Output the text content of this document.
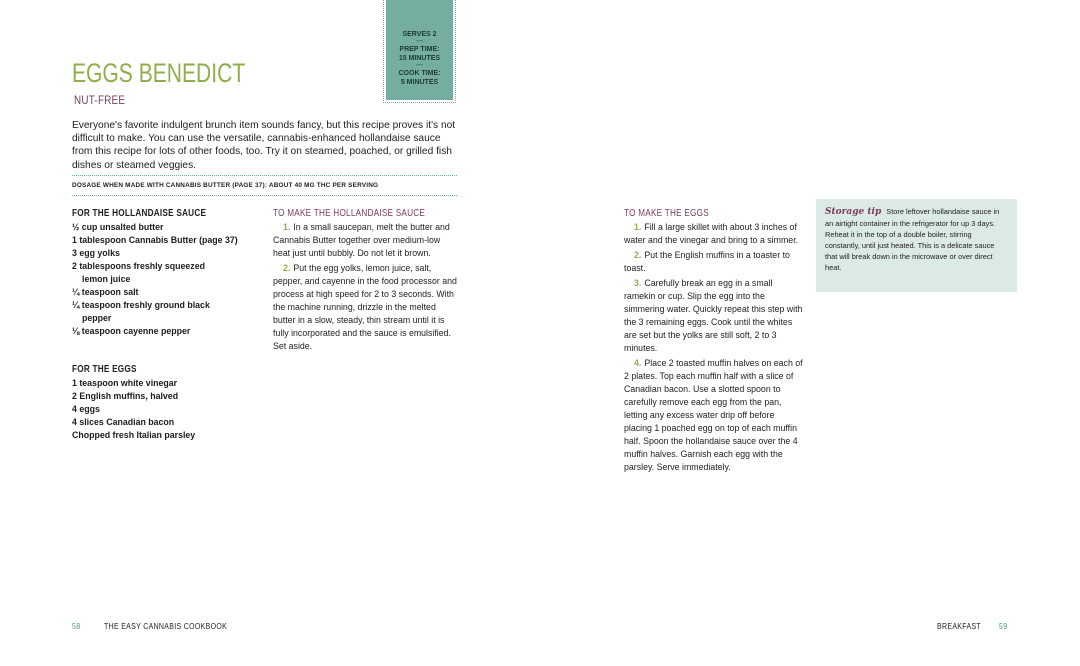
SERVES 2
—
PREP TIME:
15 MINUTES
—
COOK TIME:
5 MINUTES
EGGS BENEDICT
NUT-FREE
Everyone's favorite indulgent brunch item sounds fancy, but this recipe proves it's not difficult to make. You can use the versatile, cannabis-enhanced hollandaise sauce from this recipe for lots of other foods, too. Try it on steamed, poached, or grilled fish dishes or steamed veggies.
DOSAGE WHEN MADE WITH CANNABIS BUTTER (PAGE 37): ABOUT 40 MG THC PER SERVING
FOR THE HOLLANDAISE SAUCE
½ cup unsalted butter
1 tablespoon Cannabis Butter (page 37)
3 egg yolks
2 tablespoons freshly squeezed lemon juice
¼ teaspoon salt
¼ teaspoon freshly ground black pepper
⅛ teaspoon cayenne pepper
FOR THE EGGS
1 teaspoon white vinegar
2 English muffins, halved
4 eggs
4 slices Canadian bacon
Chopped fresh Italian parsley
TO MAKE THE HOLLANDAISE SAUCE

1. In a small saucepan, melt the butter and Cannabis Butter together over medium-low heat just until bubbly. Do not let it brown.

2. Put the egg yolks, lemon juice, salt, pepper, and cayenne in the food processor and process at high speed for 2 to 3 seconds. With the machine running, drizzle in the melted butter in a slow, steady, thin stream until it is fully incorporated and the sauce is emulsified. Set aside.

TO MAKE THE EGGS

1. Fill a large skillet with about 3 inches of water and the vinegar and bring to a simmer.

2. Put the English muffins in a toaster to toast.

3. Carefully break an egg in a small ramekin or cup. Slip the egg into the simmering water. Quickly repeat this step with the 3 remaining eggs. Cook until the whites are set but the yolks are still soft, 2 to 3 minutes.

4. Place 2 toasted muffin halves on each of 2 plates. Top each muffin half with a slice of Canadian bacon. Use a slotted spoon to carefully remove each egg from the pan, letting any excess water drip off before placing 1 poached egg on top of each muffin half. Spoon the hollandaise sauce over the 4 muffin halves. Garnish each egg with the parsley. Serve immediately.

Storage tip Store leftover hollandaise sauce in an airtight container in the refrigerator for up 3 days. Reheat it in the top of a double boiler, stirring constantly, until just heated. This is a delicate sauce that will break down in the microwave or over direct heat.
58	THE EASY CANNABIS COOKBOOK	BREAKFAST 59
